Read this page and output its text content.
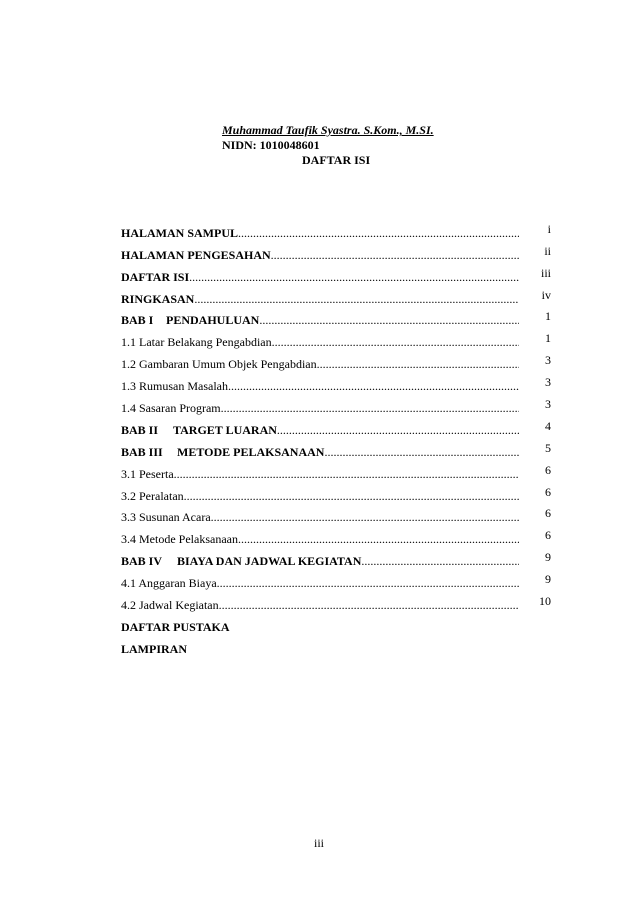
Muhammad Taufik Syastra. S.Kom., M.SI.
NIDN: 1010048601
DAFTAR ISI
HALAMAN SAMPUL .....	i
HALAMAN PENGESAHAN .....	ii
DAFTAR ISI .....	iii
RINGKASAN .....	iv
BAB I	PENDAHULUAN .....	1
1.1 Latar Belakang Pengabdian .....	1
1.2 Gambaran Umum Objek Pengabdian .....	3
1.3 Rumusan Masalah .....	3
1.4 Sasaran Program .....	3
BAB II	TARGET LUARAN .....	4
BAB III	METODE PELAKSANAAN .....	5
3.1 Peserta .....	6
3.2 Peralatan .....	6
3.3 Susunan Acara .....	6
3.4 Metode Pelaksanaan .....	6
BAB IV	BIAYA DAN JADWAL KEGIATAN .....	9
4.1 Anggaran Biaya .....	9
4.2 Jadwal Kegiatan .....	10
DAFTAR PUSTAKA
LAMPIRAN
iii
